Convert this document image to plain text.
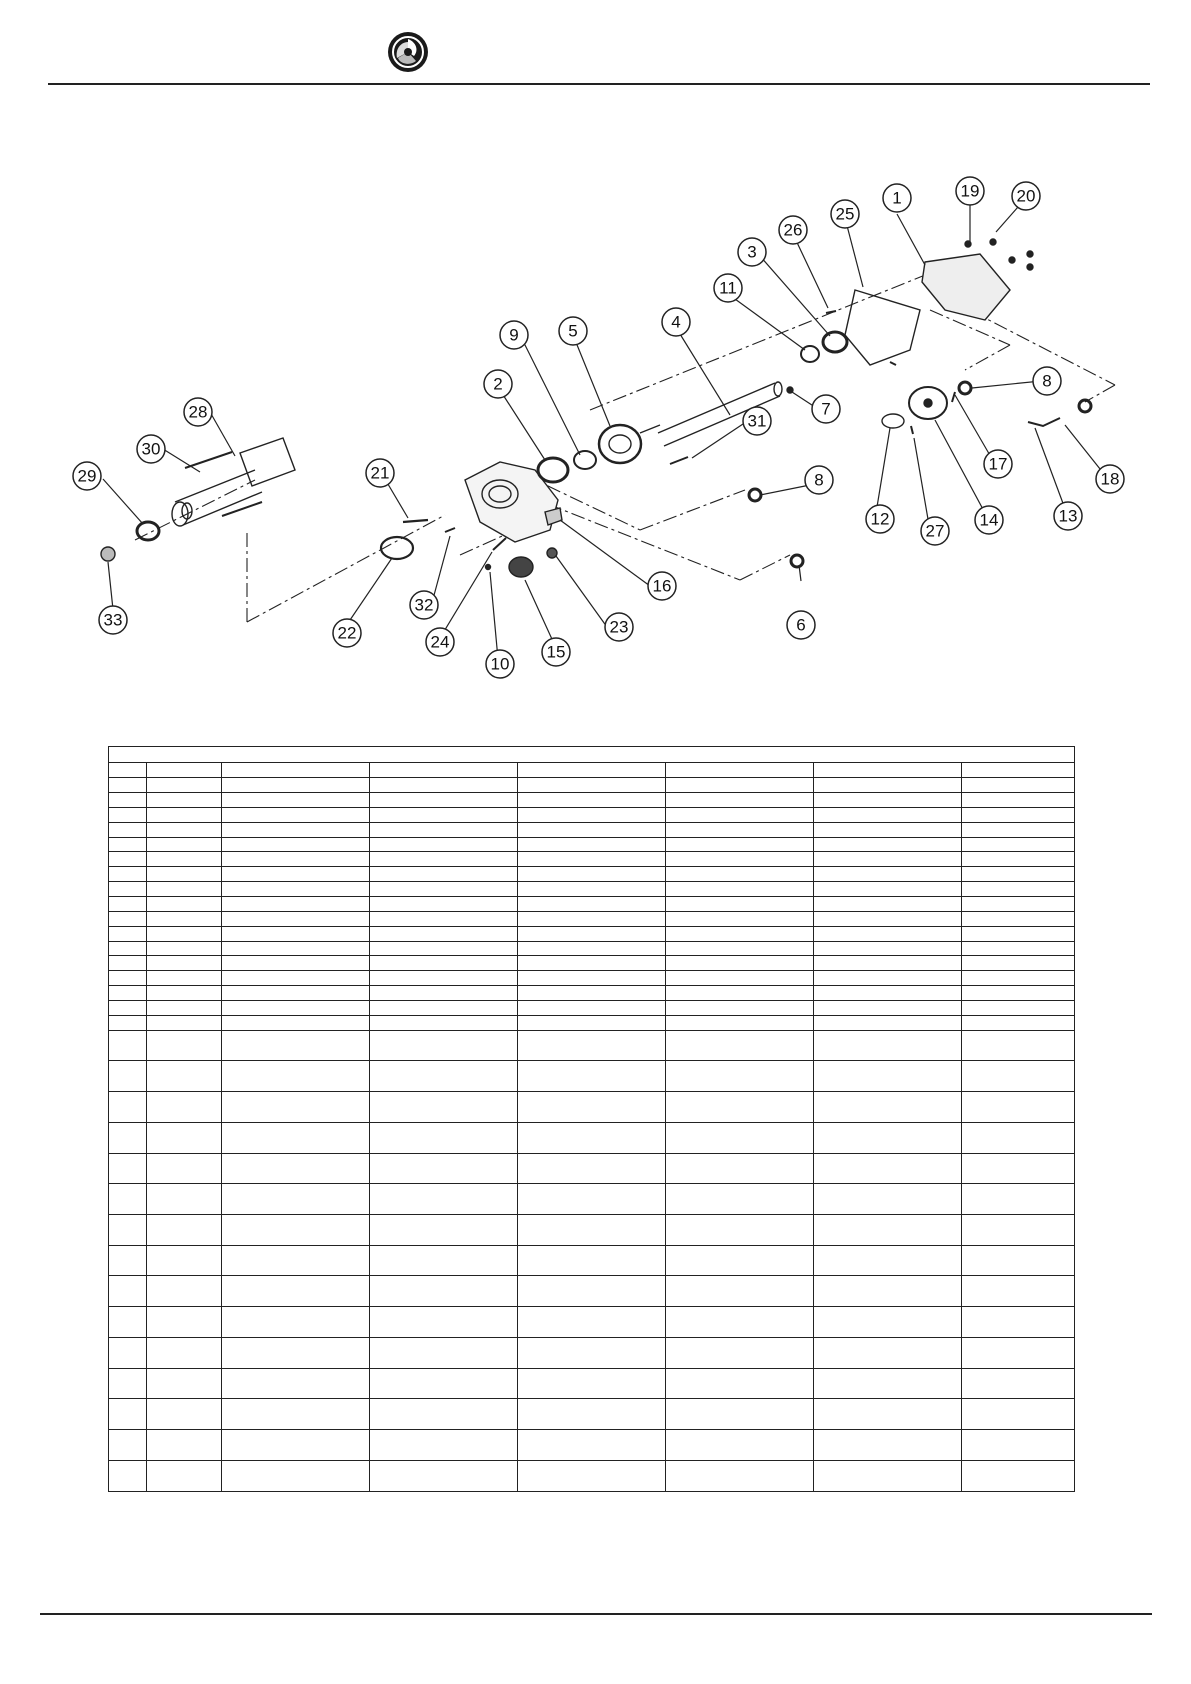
1
2
3
4
5
6
7
8
8
9
10
11
12	13
14
15
16
17
18
19 20
21
22	23
24
25
26
27
28
29
30
31
32
33
